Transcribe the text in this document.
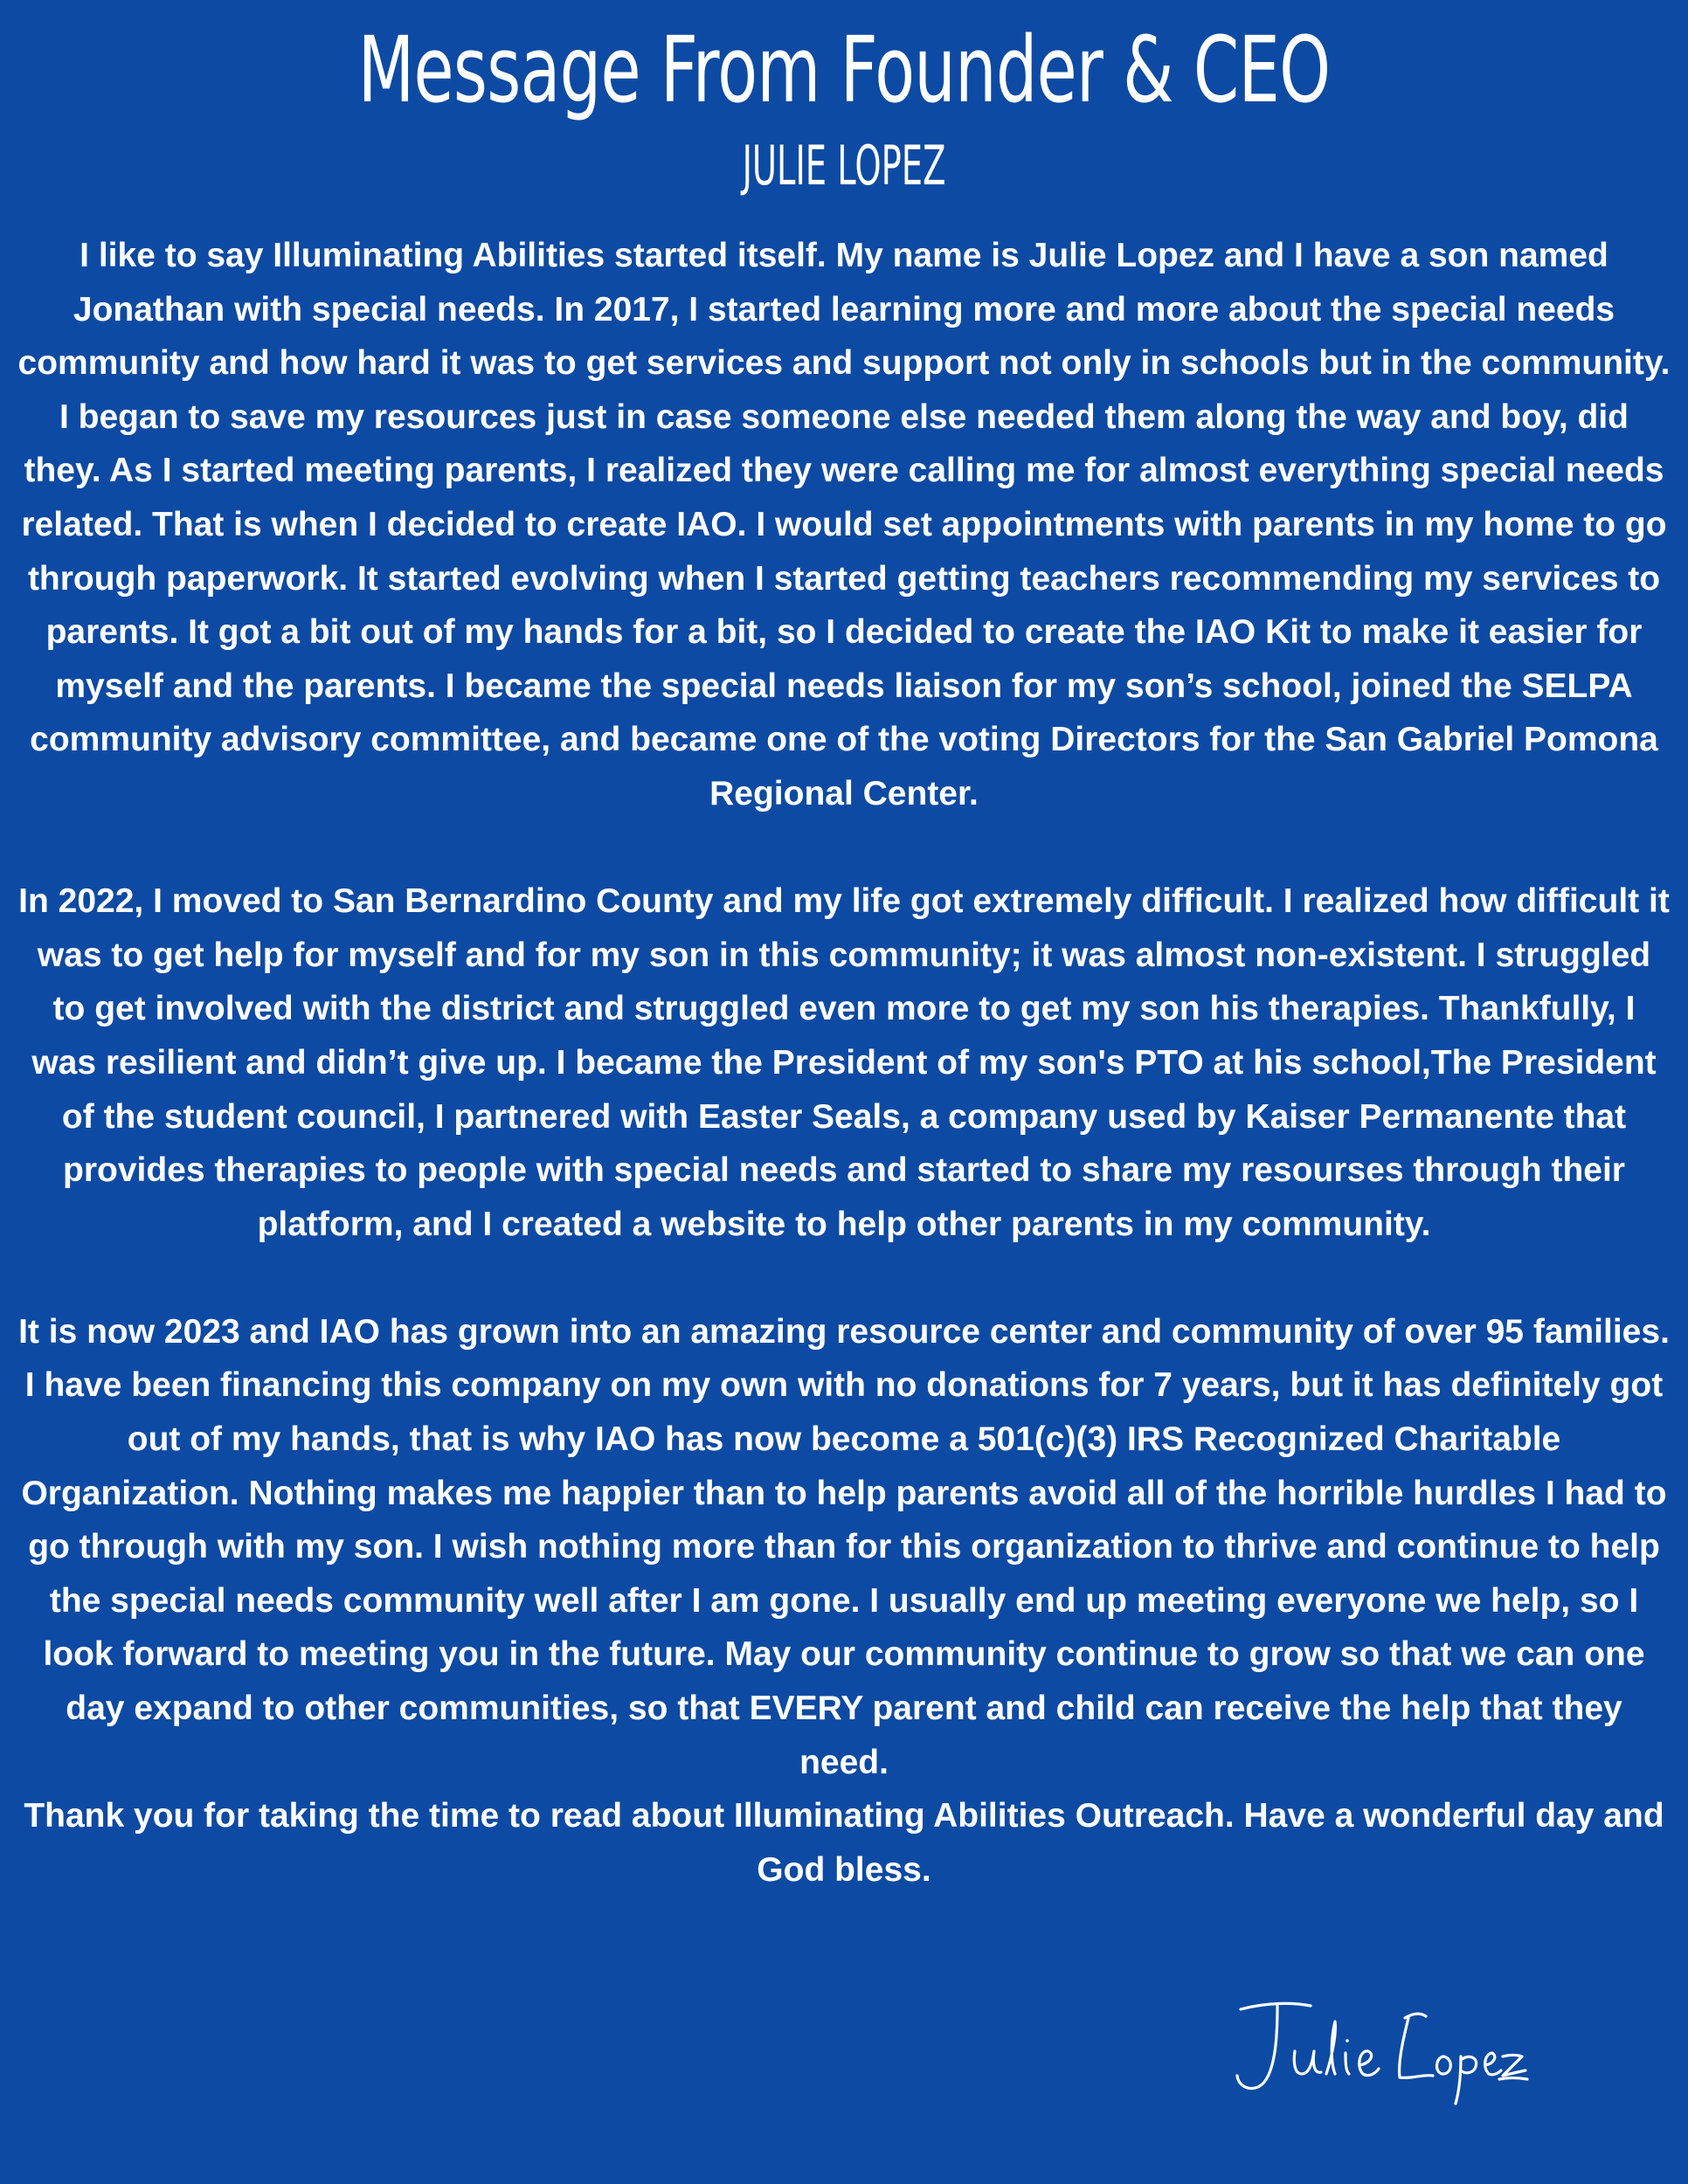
Message From Founder & CEO
JULIE LOPEZ

I like to say Illuminating Abilities started itself. My name is Julie Lopez and I have a son named Jonathan with special needs. In 2017, I started learning more and more about the special needs community and how hard it was to get services and support not only in schools but in the community. I began to save my resources just in case someone else needed them along the way and boy, did they. As I started meeting parents, I realized they were calling me for almost everything special needs related. That is when I decided to create IAO. I would set appointments with parents in my home to go through paperwork. It started evolving when I started getting teachers recommending my services to parents. It got a bit out of my hands for a bit, so I decided to create the IAO Kit to make it easier for myself and the parents. I became the special needs liaison for my son’s school, joined the SELPA community advisory committee, and became one of the voting Directors for the San Gabriel Pomona Regional Center.

In 2022, I moved to San Bernardino County and my life got extremely difficult. I realized how difficult it was to get help for myself and for my son in this community; it was almost non-existent. I struggled to get involved with the district and struggled even more to get my son his therapies. Thankfully, I was resilient and didn’t give up. I became the President of my son's PTO at his school,The President of the student council, I partnered with Easter Seals, a company used by Kaiser Permanente that provides therapies to people with special needs and started to share my resourses through their platform, and I created a website to help other parents in my community.

It is now 2023 and IAO has grown into an amazing resource center and community of over 95 families. I have been financing this company on my own with no donations for 7 years, but it has definitely got out of my hands, that is why IAO has now become a 501(c)(3) IRS Recognized Charitable Organization. Nothing makes me happier than to help parents avoid all of the horrible hurdles I had to go through with my son. I wish nothing more than for this organization to thrive and continue to help the special needs community well after I am gone. I usually end up meeting everyone we help, so I look forward to meeting you in the future. May our community continue to grow so that we can one day expand to other communities, so that EVERY parent and child can receive the help that they need.

Thank you for taking the time to read about Illuminating Abilities Outreach. Have a wonderful day and God bless.
